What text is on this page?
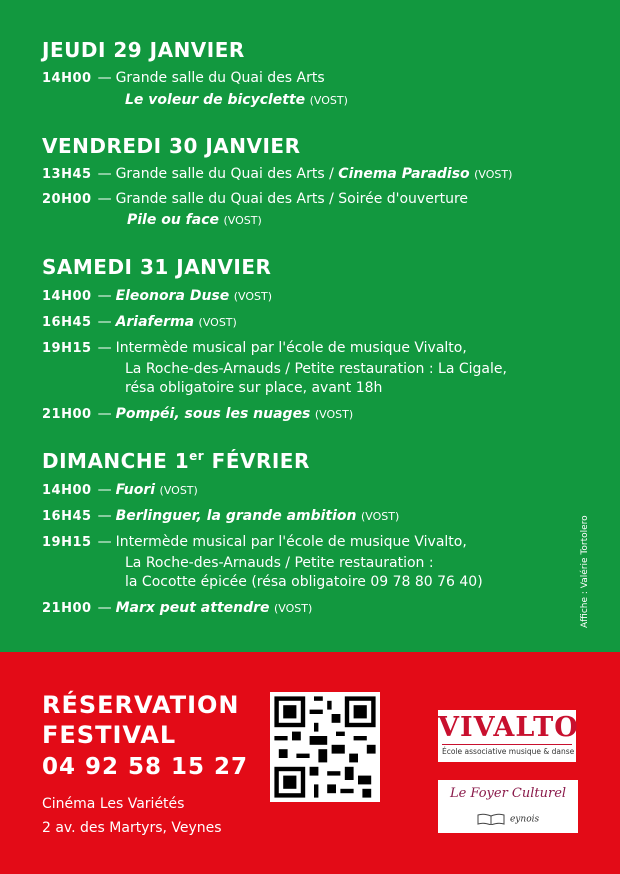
JEUDI 29 JANVIER
14H00 — Grande salle du Quai des Arts
Le voleur de bicyclette (VOST)
VENDREDI 30 JANVIER
13H45 — Grande salle du Quai des Arts / Cinema Paradiso (VOST)
20H00 — Grande salle du Quai des Arts / Soirée d'ouverture
Pile ou face (VOST)
SAMEDI 31 JANVIER
14H00 — Eleonora Duse (VOST)
16H45 — Ariaferma (VOST)
19H15 — Intermède musical par l'école de musique Vivalto,
La Roche-des-Arnauds / Petite restauration : La Cigale,
résa obligatoire sur place, avant 18h
21H00 — Pompéi, sous les nuages (VOST)
DIMANCHE 1er FÉVRIER
14H00 — Fuori (VOST)
16H45 — Berlinguer, la grande ambition (VOST)
19H15 — Intermède musical par l'école de musique Vivalto,
La Roche-des-Arnauds / Petite restauration :
la Cocotte épicée (résa obligatoire 09 78 80 76 40)
21H00 — Marx peut attendre (VOST)	Affiche : Valérie Tortolero
RÉSERVATION
FESTIVAL
04 92 58 15 27
Cinéma Les Variétés
2 av. des Martyrs, Veynes
VIVALTO
École associative musique & danse
Le Foyer Culturel
eynois
